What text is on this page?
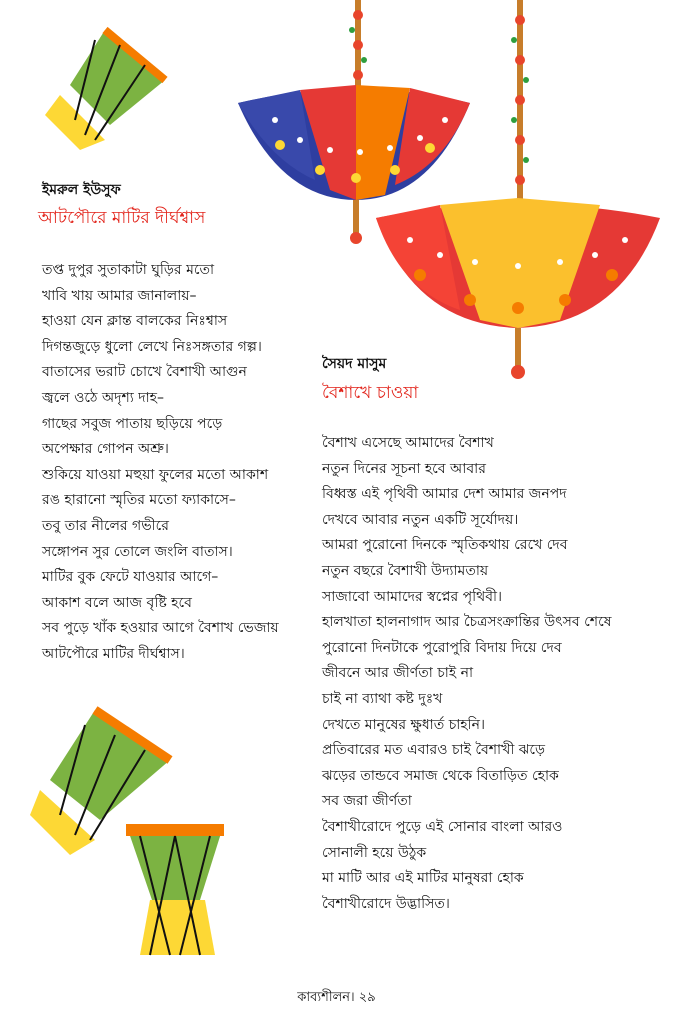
ইমরুল ইউসুফ
আটপৌরে মাটির দীর্ঘশ্বাস
তপ্ত দুপুর সুতাকাটা ঘুড়ির মতো
খাবি খায় আমার জানালায়–
হাওয়া যেন ক্লান্ত বালকের নিঃশ্বাস
দিগন্তজুড়ে ধুলো লেখে নিঃসঙ্গতার গল্প।
বাতাসের ভরাট চোখে বৈশাখী আগুন
জ্বলে ওঠে অদৃশ্য দাহ–
গাছের সবুজ পাতায় ছড়িয়ে পড়ে
অপেক্ষার গোপন অশ্রু।
শুকিয়ে যাওয়া মহুয়া ফুলের মতো আকাশ
রঙ হারানো স্মৃতির মতো ফ্যাকাসে–
তবু তার নীলের গভীরে
সঙ্গোপন সুর তোলে জংলি বাতাস।
মাটির বুক ফেটে যাওয়ার আগে–
আকাশ বলে আজ বৃষ্টি হবে
সব পুড়ে খাঁক হওয়ার আগে বৈশাখ ভেজায়
আটপৌরে মাটির দীর্ঘশ্বাস।
সৈয়দ মাসুম
বৈশাখে চাওয়া
বৈশাখ এসেছে আমাদের বৈশাখ
নতুন দিনের সূচনা হবে আবার
বিধ্বস্ত এই পৃথিবী আমার দেশ আমার জনপদ
দেখবে আবার নতুন একটি সূর্যোদয়।
আমরা পুরোনো দিনকে স্মৃতিকথায় রেখে দেব
নতুন বছরে বৈশাখী উদ্যামতায়
সাজাবো আমাদের স্বপ্নের পৃথিবী।
হালখাতা হালনাগাদ আর চৈত্রসংক্রান্তির উৎসব শেষে
পুরোনো দিনটাকে পুরোপুরি বিদায় দিয়ে দেব
জীবনে আর জীর্ণতা চাই না
চাই না ব্যাথা কষ্ট দুঃখ
দেখতে মানুষের ক্ষুধার্ত চাহনি।
প্রতিবারের মত এবারও চাই বৈশাখী ঝড়ে
ঝড়ের তান্ডবে সমাজ থেকে বিতাড়িত হোক
সব জরা জীর্ণতা
বৈশাখীরোদে পুড়ে এই সোনার বাংলা আরও
সোনালী হয়ে উঠুক
মা মাটি আর এই মাটির মানুষরা হোক
বৈশাখীরোদে উদ্ভাসিত।
কাব্যশীলন। ২৯
